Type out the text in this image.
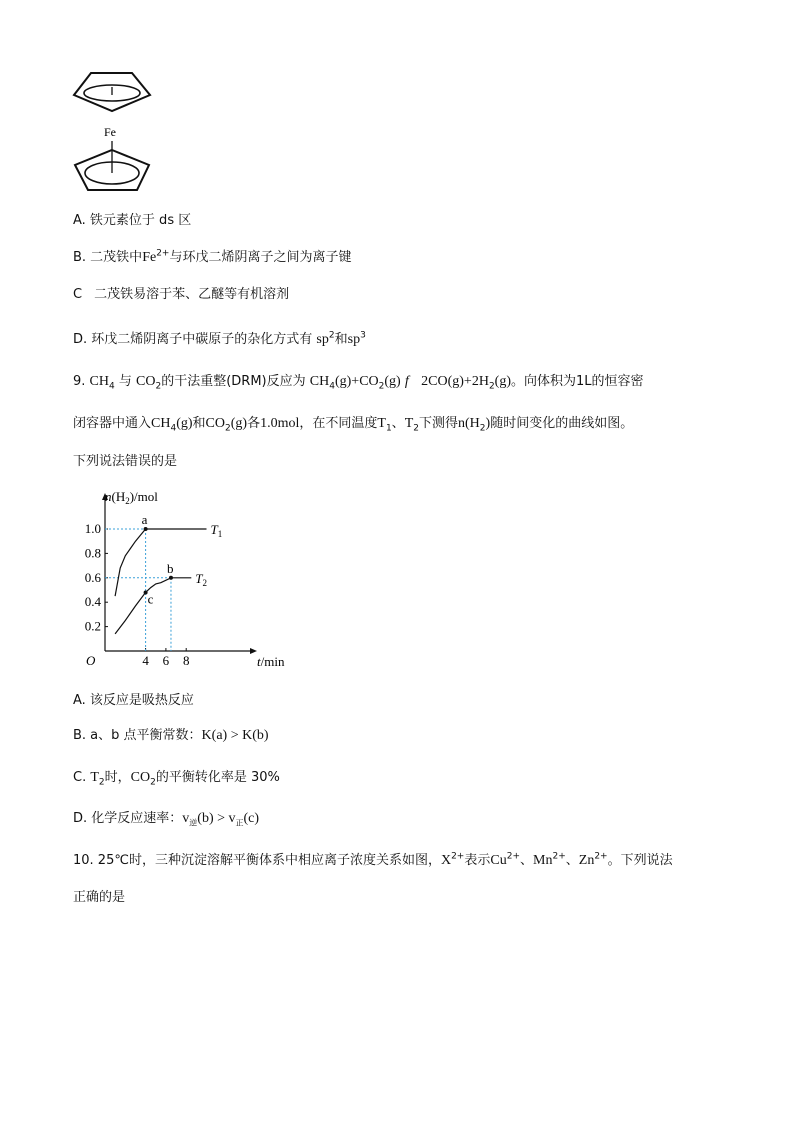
Fe
A. 铁元素位于 ds 区
B. 二茂铁中$Fe^{2+}$与环戊二烯阴离子之间为离子键
C 二茂铁易溶于苯、乙醚等有机溶剂
D. 环戊二烯阴离子中碳原子的杂化方式有 $sp^2$和$sp^3$
9. $CH_4$ 与 $CO_2$的干法重整(DRM)反应为 $CH_4(g)+CO_2(g)$ f $2CO(g)+2H_2(g)$。向体积为1L的恒容密
闭容器中通入$CH_4(g)$和$CO_2(g)$各1.0mol，在不同温度$T_1$、$T_2$下测得$n(H_2)$随时间变化的曲线如图。
下列说法错误的是
$n(H_2)$/mol
t/min
O
1.0
0.8
0.6
0.4
0.2
4 6 8
$T_1$
$T_2$
a
b
c
A. 该反应是吸热反应
B. a、b 点平衡常数：K(a) > K(b)
C. $T_2$时，$CO_2$的平衡转化率是 30%
D. 化学反应速率：$v_逆(b) > v_正(c)$
10. 25℃时，三种沉淀溶解平衡体系中相应离子浓度关系如图，$X^{2+}$表示$Cu^{2+}$、$Mn^{2+}$、$Zn^{2+}$。下列说法
正确的是
